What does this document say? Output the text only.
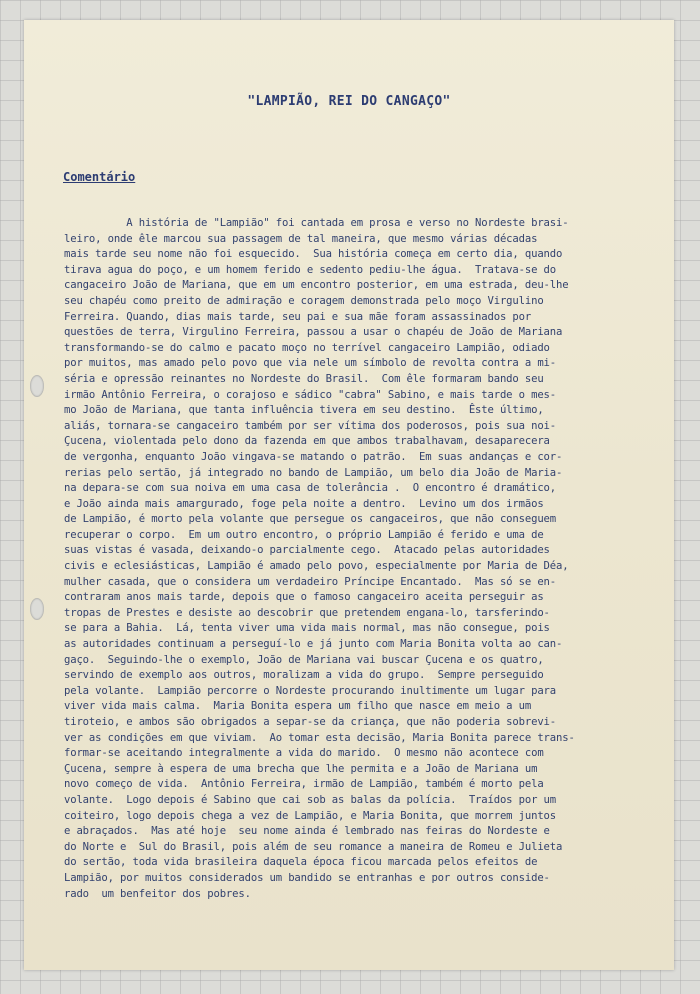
"LAMPIÃO, REI DO CANGAÇO"
Comentário
A história de "Lampião" foi cantada em prosa e verso no Nordeste brasi-
leiro, onde êle marcou sua passagem de tal maneira, que mesmo várias décadas
mais tarde seu nome não foi esquecido.  Sua história começa em certo dia, quando
tirava agua do poço, e um homem ferido e sedento pediu-lhe água.  Tratava-se do
cangaceiro João de Mariana, que em um encontro posterior, em uma estrada, deu-lhe
seu chapéu como preito de admiração e coragem demonstrada pelo moço Virgulino
Ferreira. Quando, dias mais tarde, seu pai e sua mãe foram assassinados por
questões de terra, Virgulino Ferreira, passou a usar o chapéu de João de Mariana
transformando-se do calmo e pacato moço no terrível cangaceiro Lampião, odiado
por muitos, mas amado pelo povo que via nele um símbolo de revolta contra a mi-
séria e opressão reinantes no Nordeste do Brasil.  Com êle formaram bando seu
irmão Antônio Ferreira, o corajoso e sádico "cabra" Sabino, e mais tarde o mes-
mo João de Mariana, que tanta influência tivera em seu destino.  Êste último,
aliás, tornara-se cangaceiro também por ser vítima dos poderosos, pois sua noi-
Çucena, violentada pelo dono da fazenda em que ambos trabalhavam, desaparecera
de vergonha, enquanto João vingava-se matando o patrão.  Em suas andanças e cor-
rerias pelo sertão, já integrado no bando de Lampião, um belo dia João de Maria-
na depara-se com sua noiva em uma casa de tolerância .  O encontro é dramático,
e João ainda mais amargurado, foge pela noite a dentro.  Levino um dos irmãos
de Lampião, é morto pela volante que persegue os cangaceiros, que não conseguem
recuperar o corpo.  Em um outro encontro, o próprio Lampião é ferido e uma de
suas vistas é vasada, deixando-o parcialmente cego.  Atacado pelas autoridades
civis e eclesiásticas, Lampião é amado pelo povo, especialmente por Maria de Déa,
mulher casada, que o considera um verdadeiro Príncipe Encantado.  Mas só se en-
contraram anos mais tarde, depois que o famoso cangaceiro aceita perseguir as
tropas de Prestes e desiste ao descobrir que pretendem engana-lo, tarsferindo-
se para a Bahia.  Lá, tenta viver uma vida mais normal, mas não consegue, pois
as autoridades continuam a perseguí-lo e já junto com Maria Bonita volta ao can-
gaço.  Seguindo-lhe o exemplo, João de Mariana vai buscar Çucena e os quatro,
servindo de exemplo aos outros, moralizam a vida do grupo.  Sempre perseguido
pela volante.  Lampião percorre o Nordeste procurando inultimente um lugar para
viver vida mais calma.  Maria Bonita espera um filho que nasce em meio a um
tiroteio, e ambos são obrigados a separ-se da criança, que não poderia sobrevi-
ver as condições em que viviam.  Ao tomar esta decisão, Maria Bonita parece trans-
formar-se aceitando integralmente a vida do marido.  O mesmo não acontece com
Çucena, sempre à espera de uma brecha que lhe permita e a João de Mariana um
novo começo de vida.  Antônio Ferreira, irmão de Lampião, também é morto pela
volante.  Logo depois é Sabino que cai sob as balas da polícia.  Traídos por um
coiteiro, logo depois chega a vez de Lampião, e Maria Bonita, que morrem juntos
e abraçados.  Mas até hoje  seu nome ainda é lembrado nas feiras do Nordeste e
do Norte e  Sul do Brasil, pois além de seu romance a maneira de Romeu e Julieta
do sertão, toda vida brasileira daquela época ficou marcada pelos efeitos de
Lampião, por muitos considerados um bandido se entranhas e por outros conside-
rado  um benfeitor dos pobres.
